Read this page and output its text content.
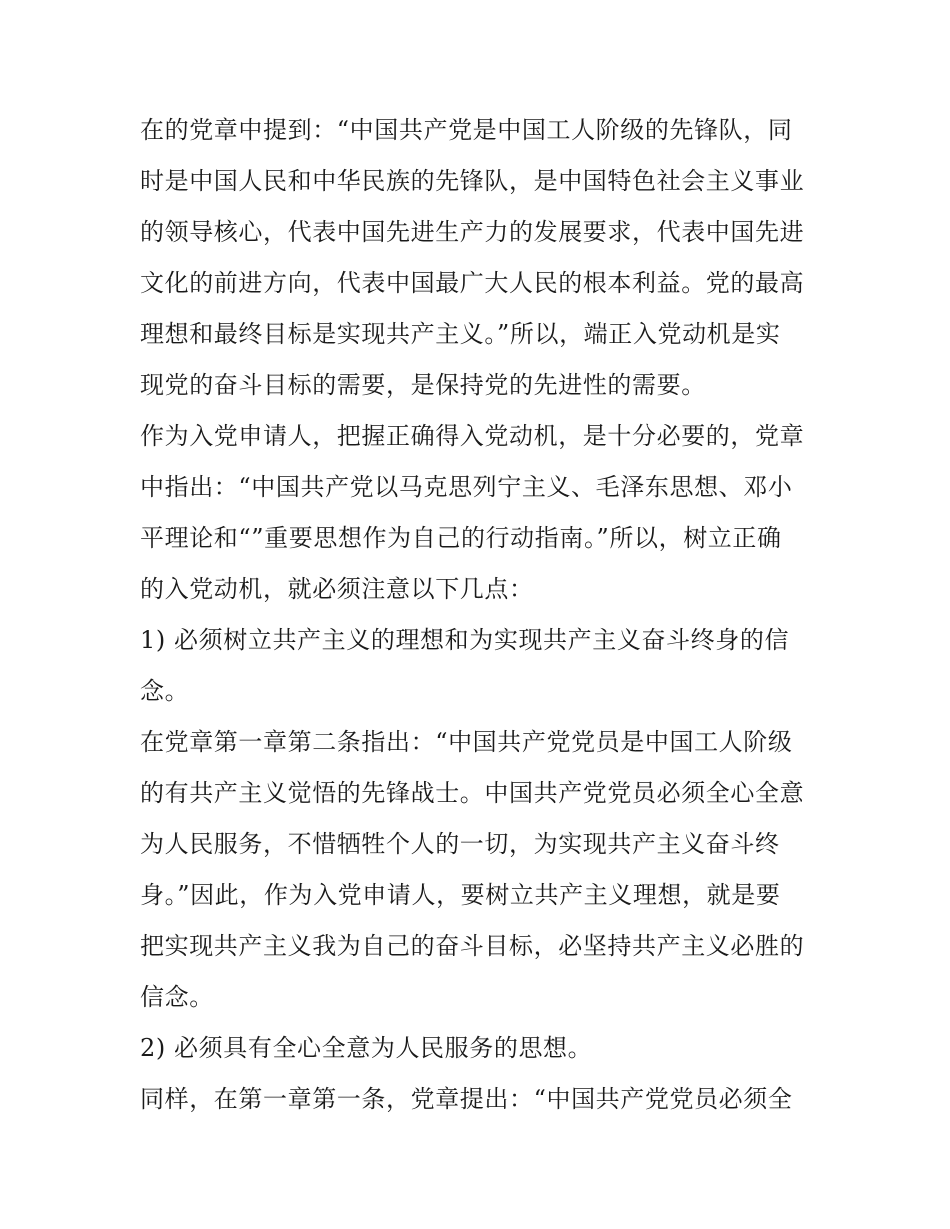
在的党章中提到：“中国共产党是中国工人阶级的先锋队，同
时是中国人民和中华民族的先锋队，是中国特色社会主义事业
的领导核心，代表中国先进生产力的发展要求，代表中国先进
文化的前进方向，代表中国最广大人民的根本利益。党的最高
理想和最终目标是实现共产主义。”所以，端正入党动机是实
现党的奋斗目标的需要，是保持党的先进性的需要。
作为入党申请人，把握正确得入党动机，是十分必要的，党章
中指出：“中国共产党以马克思列宁主义、毛泽东思想、邓小
平理论和“”重要思想作为自己的行动指南。”所以，树立正确
的入党动机，就必须注意以下几点：
1) 必须树立共产主义的理想和为实现共产主义奋斗终身的信
念。
在党章第一章第二条指出：“中国共产党党员是中国工人阶级
的有共产主义觉悟的先锋战士。中国共产党党员必须全心全意
为人民服务，不惜牺牲个人的一切，为实现共产主义奋斗终
身。”因此，作为入党申请人，要树立共产主义理想，就是要
把实现共产主义我为自己的奋斗目标，必坚持共产主义必胜的
信念。
2) 必须具有全心全意为人民服务的思想。
同样，在第一章第一条，党章提出：“中国共产党党员必须全
